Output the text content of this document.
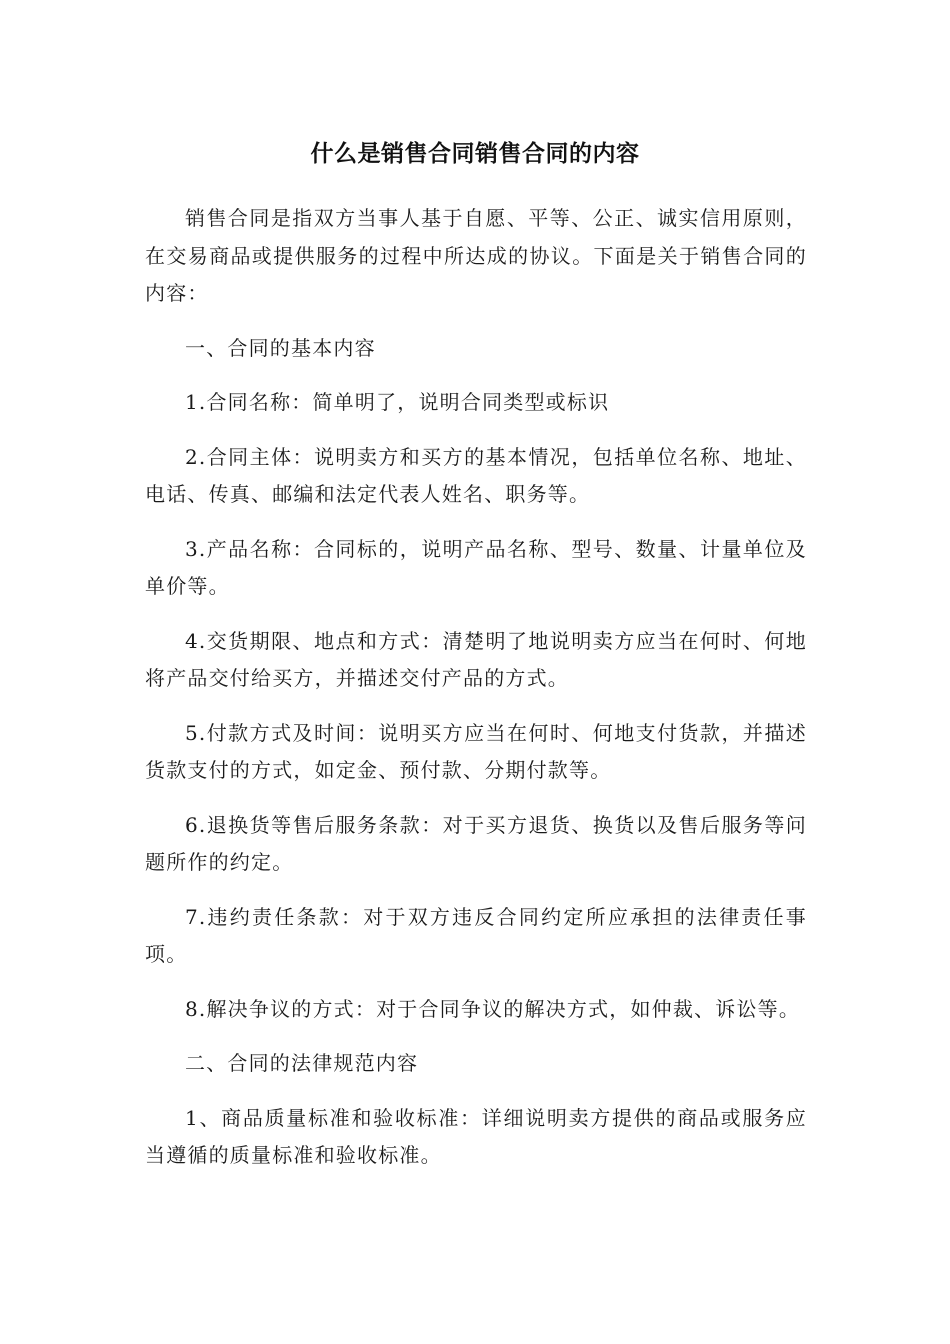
什么是销售合同销售合同的内容

销售合同是指双方当事人基于自愿、平等、公正、诚实信用原则，在交易商品或提供服务的过程中所达成的协议。下面是关于销售合同的内容：

一、合同的基本内容

1.合同名称：简单明了，说明合同类型或标识

2.合同主体：说明卖方和买方的基本情况，包括单位名称、地址、电话、传真、邮编和法定代表人姓名、职务等。

3.产品名称：合同标的，说明产品名称、型号、数量、计量单位及单价等。

4.交货期限、地点和方式：清楚明了地说明卖方应当在何时、何地将产品交付给买方，并描述交付产品的方式。

5.付款方式及时间：说明买方应当在何时、何地支付货款，并描述货款支付的方式，如定金、预付款、分期付款等。

6.退换货等售后服务条款：对于买方退货、换货以及售后服务等问题所作的约定。

7.违约责任条款：对于双方违反合同约定所应承担的法律责任事项。

8.解决争议的方式：对于合同争议的解决方式，如仲裁、诉讼等。

二、合同的法律规范内容

1、商品质量标准和验收标准：详细说明卖方提供的商品或服务应当遵循的质量标准和验收标准。
